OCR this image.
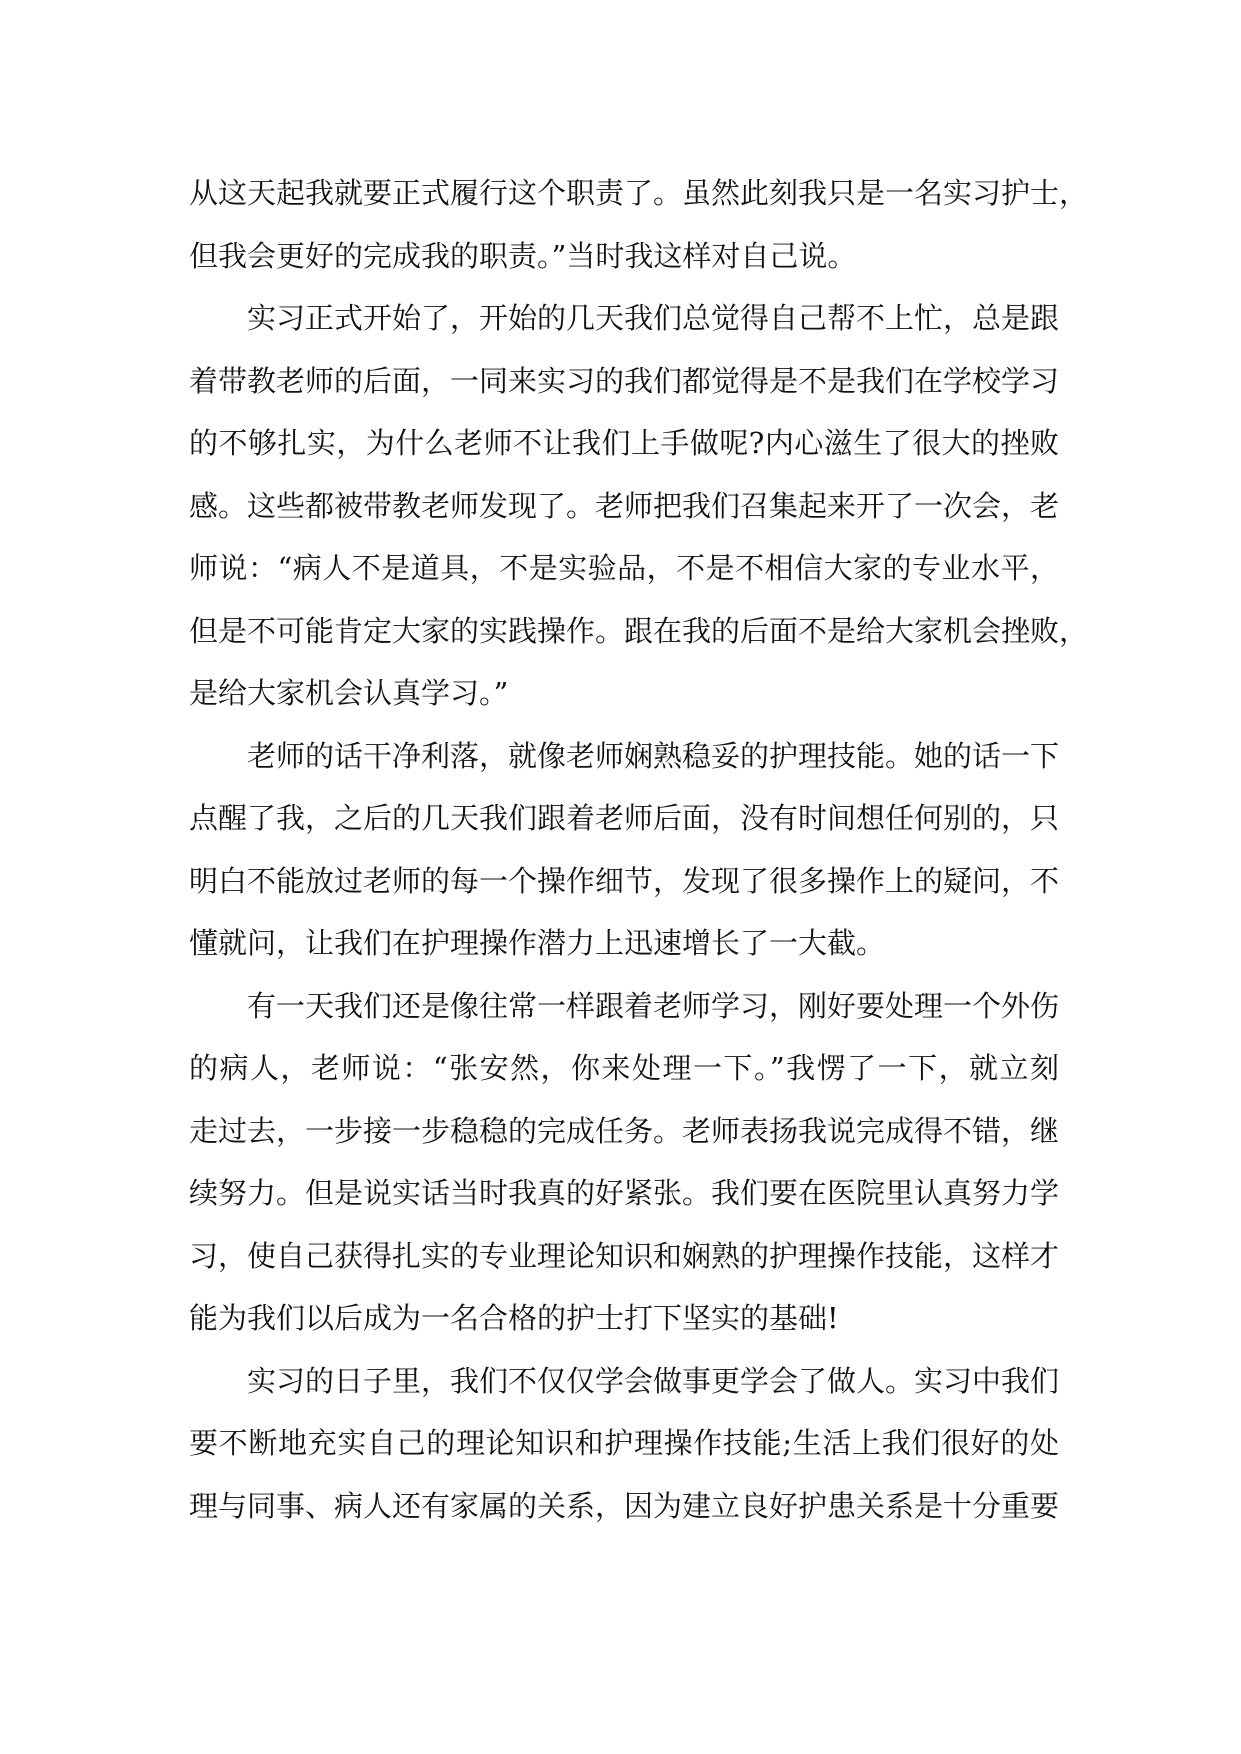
从这天起我就要正式履行这个职责了。虽然此刻我只是一名实习护士，
但我会更好的完成我的职责。”当时我这样对自己说。
实习正式开始了，开始的几天我们总觉得自己帮不上忙，总是跟
着带教老师的后面，一同来实习的我们都觉得是不是我们在学校学习
的不够扎实，为什么老师不让我们上手做呢?内心滋生了很大的挫败
感。这些都被带教老师发现了。老师把我们召集起来开了一次会，老
师说：“病人不是道具，不是实验品，不是不相信大家的专业水平，
但是不可能肯定大家的实践操作。跟在我的后面不是给大家机会挫败，
是给大家机会认真学习。”
老师的话干净利落，就像老师娴熟稳妥的护理技能。她的话一下
点醒了我，之后的几天我们跟着老师后面，没有时间想任何别的，只
明白不能放过老师的每一个操作细节，发现了很多操作上的疑问，不
懂就问，让我们在护理操作潜力上迅速增长了一大截。
有一天我们还是像往常一样跟着老师学习，刚好要处理一个外伤
的病人，老师说：“张安然，你来处理一下。”我愣了一下，就立刻
走过去，一步接一步稳稳的完成任务。老师表扬我说完成得不错，继
续努力。但是说实话当时我真的好紧张。我们要在医院里认真努力学
习，使自己获得扎实的专业理论知识和娴熟的护理操作技能，这样才
能为我们以后成为一名合格的护士打下坚实的基础!
实习的日子里，我们不仅仅学会做事更学会了做人。实习中我们
要不断地充实自己的理论知识和护理操作技能;生活上我们很好的处
理与同事、病人还有家属的关系，因为建立良好护患关系是十分重要
